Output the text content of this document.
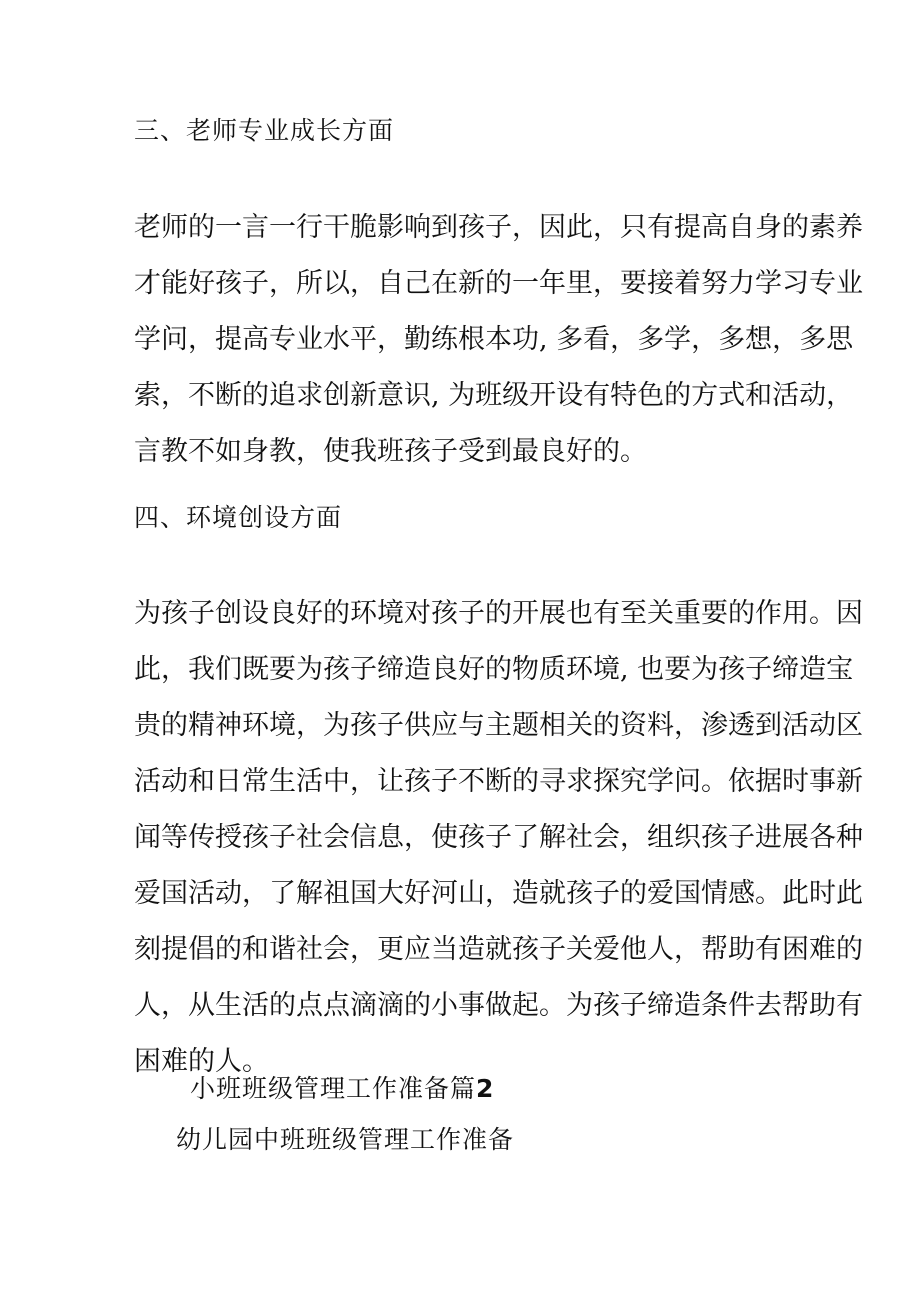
三、老师专业成长方面
老师的一言一行干脆影响到孩子，因此，只有提高自身的素养
才能好孩子，所以，自己在新的一年里，要接着努力学习专业
学问，提高专业水平，勤练根本功, 多看，多学，多想，多思
索，不断的追求创新意识, 为班级开设有特色的方式和活动，
言教不如身教，使我班孩子受到最良好的。
四、环境创设方面
为孩子创设良好的环境对孩子的开展也有至关重要的作用。因
此，我们既要为孩子缔造良好的物质环境, 也要为孩子缔造宝
贵的精神环境，为孩子供应与主题相关的资料，渗透到活动区
活动和日常生活中，让孩子不断的寻求探究学问。依据时事新
闻等传授孩子社会信息，使孩子了解社会，组织孩子进展各种
爱国活动，了解祖国大好河山，造就孩子的爱国情感。此时此
刻提倡的和谐社会，更应当造就孩子关爱他人，帮助有困难的
人，从生活的点点滴滴的小事做起。为孩子缔造条件去帮助有
困难的人。
小班班级管理工作准备篇2
幼儿园中班班级管理工作准备
